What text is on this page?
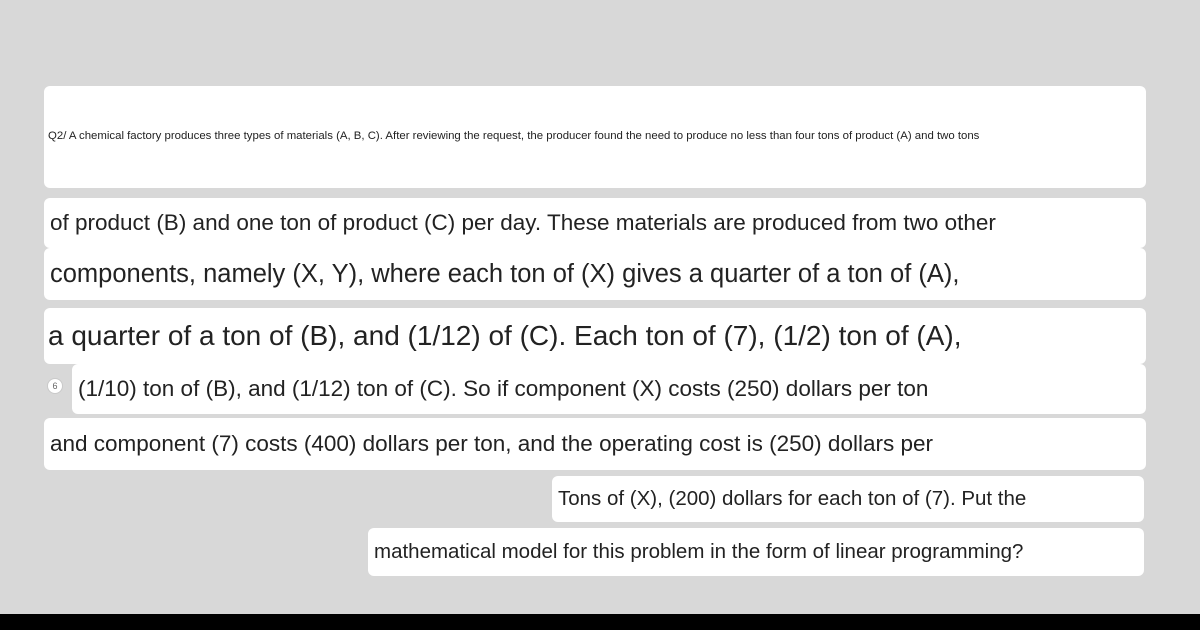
Q2/ A chemical factory produces three types of materials (A, B, C). After reviewing the request, the producer found the need to produce no less than four tons of product (A) and two tons
of product (B) and one ton of product (C) per day. These materials are produced from two other
components, namely (X, Y), where each ton of (X) gives a quarter of a ton of (A),
a quarter of a ton of (B), and (1/12) of (C). Each ton of (7), (1/2) ton of (A),
(1/10) ton of (B), and (1/12) ton of (C). So if component (X) costs (250) dollars per ton
and component (7) costs (400) dollars per ton, and the operating cost is (250) dollars per
Tons of (X), (200) dollars for each ton of (7). Put the
mathematical model for this problem in the form of linear programming?
6
